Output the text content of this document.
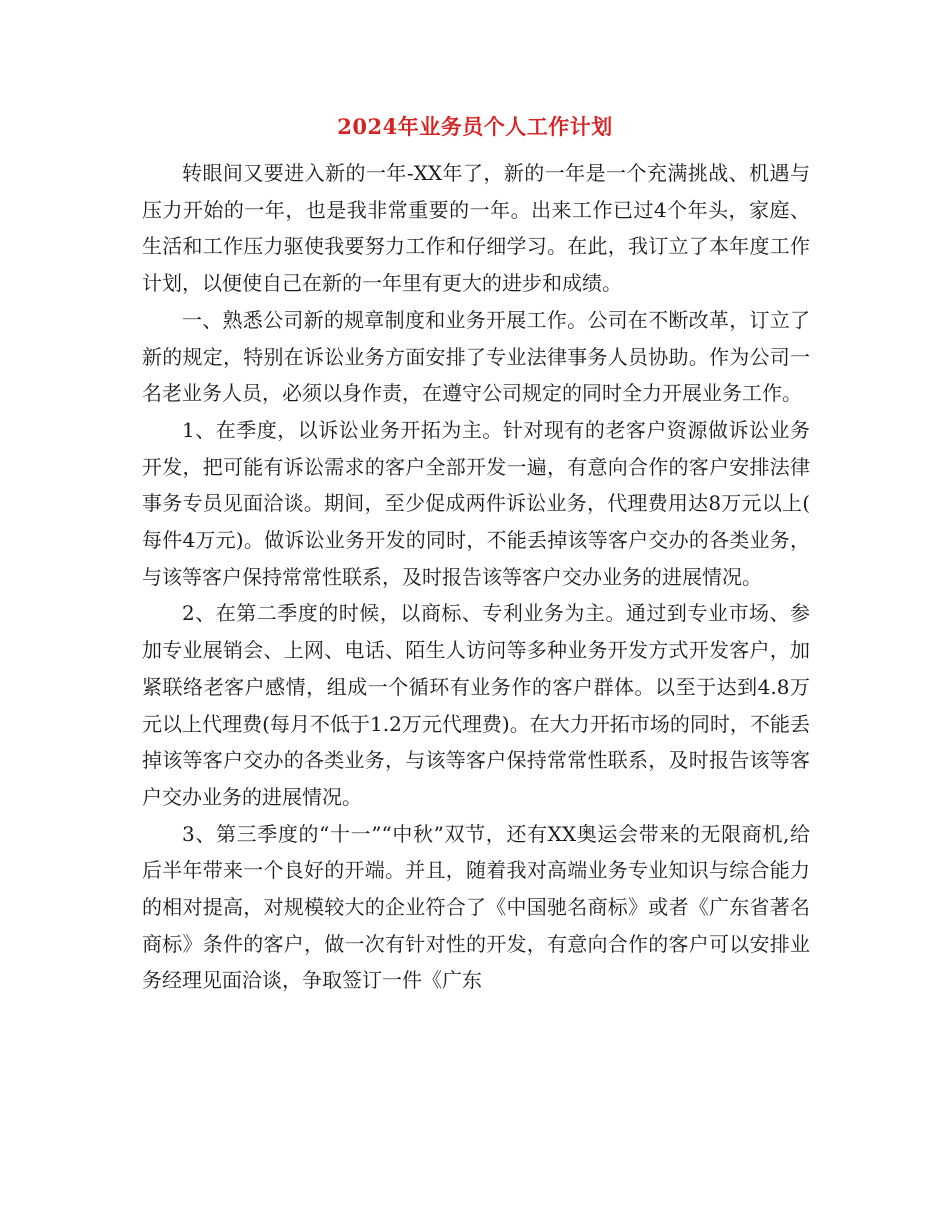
2024年业务员个人工作计划

转眼间又要进入新的一年-XX年了，新的一年是一个充满挑战、机遇与压力开始的一年，也是我非常重要的一年。出来工作已过4个年头，家庭、生活和工作压力驱使我要努力工作和仔细学习。在此，我订立了本年度工作计划，以便使自己在新的一年里有更大的进步和成绩。

一、熟悉公司新的规章制度和业务开展工作。公司在不断改革，订立了新的规定，特别在诉讼业务方面安排了专业法律事务人员协助。作为公司一名老业务人员，必须以身作责，在遵守公司规定的同时全力开展业务工作。

1、在季度，以诉讼业务开拓为主。针对现有的老客户资源做诉讼业务开发，把可能有诉讼需求的客户全部开发一遍，有意向合作的客户安排法律事务专员见面洽谈。期间，至少促成两件诉讼业务，代理费用达8万元以上(每件4万元)。做诉讼业务开发的同时，不能丢掉该等客户交办的各类业务，与该等客户保持常常性联系，及时报告该等客户交办业务的进展情况。

2、在第二季度的时候，以商标、专利业务为主。通过到专业市场、参加专业展销会、上网、电话、陌生人访问等多种业务开发方式开发客户，加紧联络老客户感情，组成一个循环有业务作的客户群体。以至于达到4.8万元以上代理费(每月不低于1.2万元代理费)。在大力开拓市场的同时，不能丢掉该等客户交办的各类业务，与该等客户保持常常性联系，及时报告该等客户交办业务的进展情况。

3、第三季度的“十一”“中秋”双节，还有XX奥运会带来的无限商机,给后半年带来一个良好的开端。并且，随着我对高端业务专业知识与综合能力的相对提高，对规模较大的企业符合了《中国驰名商标》或者《广东省著名商标》条件的客户，做一次有针对性的开发，有意向合作的客户可以安排业务经理见面洽谈，争取签订一件《广东
